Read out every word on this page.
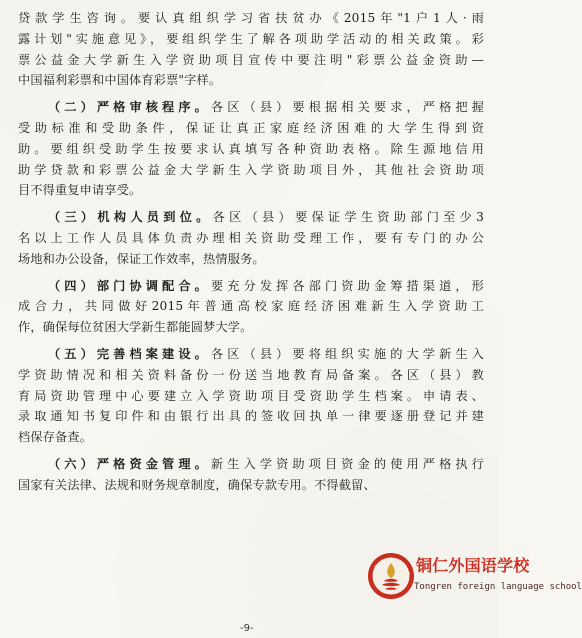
贷款学生咨询。要认真组织学习省扶贫办《2015年"1户1人·雨
露计划"实施意见》，要组织学生了解各项助学活动的相关政策。彩
票公益金大学新生入学资助项目宣传中要注明"彩票公益金资助—
中国福利彩票和中国体育彩票"字样。
（二）严格审核程序。各区（县）要根据相关要求，严格把握
受助标准和受助条件，保证让真正家庭经济困难的大学生得到资
助。要组织受助学生按要求认真填写各种资助表格。除生源地信用
助学贷款和彩票公益金大学新生入学资助项目外，其他社会资助项
目不得重复申请享受。
（三）机构人员到位。各区（县）要保证学生资助部门至少3
名以上工作人员具体负责办理相关资助受理工作，要有专门的办公
场地和办公设备，保证工作效率，热情服务。
（四）部门协调配合。要充分发挥各部门资助金筹措渠道，形
成合力，共同做好2015年普通高校家庭经济困难新生入学资助工
作，确保每位贫困大学新生都能圆梦大学。
（五）完善档案建设。各区（县）要将组织实施的大学新生入
学资助情况和相关资料备份一份送当地教育局备案。各区（县）教
育局资助管理中心要建立入学资助项目受资助学生档案。申请表、
录取通知书复印件和由银行出具的签收回执单一律要逐册登记并建
档保存备查。
（六）严格资金管理。新生入学资助项目资金的使用严格执行
国家有关法律、法规和财务规章制度，确保专款专用。不得截留、
ren Foreign Language S 铜仁外国语学校
Tongren foreign language school
-9-
